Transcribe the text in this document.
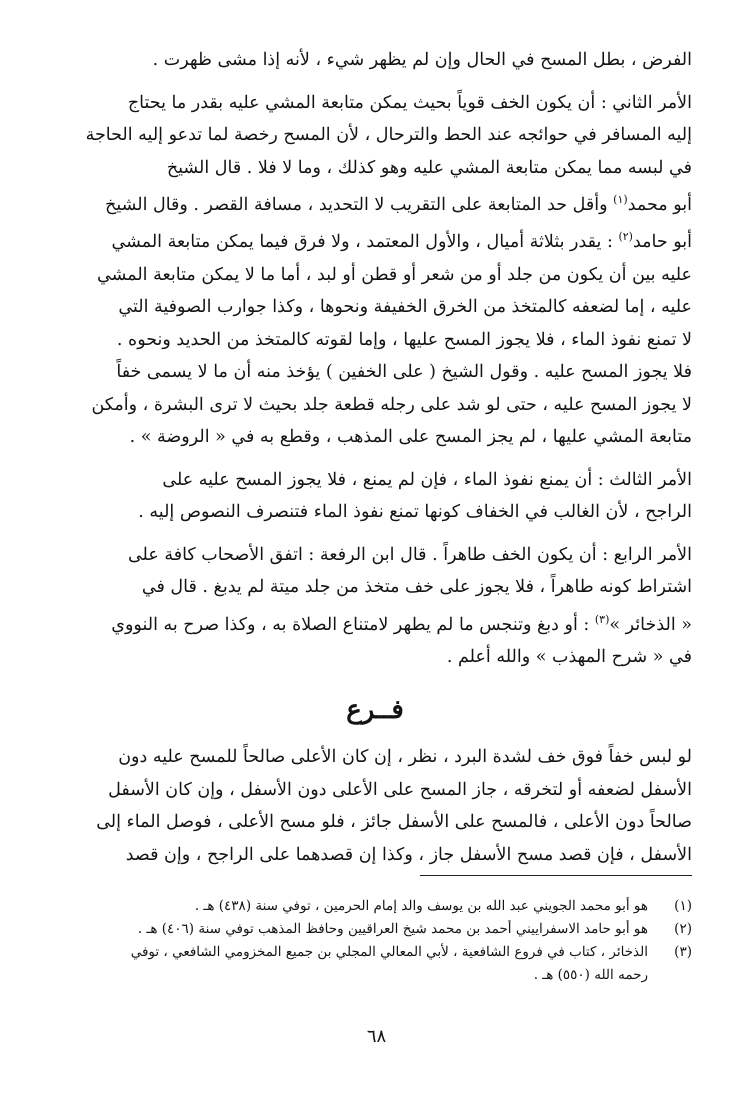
الفرض ، بطل المسح في الحال وإن لم يظهر شيء ، لأنه إذا مشى ظهرت .

الأمر الثاني : أن يكون الخف قوياً بحيث يمكن متابعة المشي عليه بقدر ما يحتاج
إليه المسافر في حوائجه عند الحط والترحال ، لأن المسح رخصة لما تدعو إليه الحاجة
في لبسه مما يمكن متابعة المشي عليه وهو كذلك ، وما لا فلا . قال الشيخ
أبو محمد$^{(١)}$ وأقل حد المتابعة على التقريب لا التحديد ، مسافة القصر . وقال الشيخ
أبو حامد$^{(٢)}$ : يقدر بثلاثة أميال ، والأول المعتمد ، ولا فرق فيما يمكن متابعة المشي
عليه بين أن يكون من جلد أو من شعر أو قطن أو لبد ، أما ما لا يمكن متابعة المشي
عليه ، إما لضعفه كالمتخذ من الخرق الخفيفة ونحوها ، وكذا جوارب الصوفية التي
لا تمنع نفوذ الماء ، فلا يجوز المسح عليها ، وإما لقوته كالمتخذ من الحديد ونحوه .
فلا يجوز المسح عليه . وقول الشيخ ( على الخفين ) يؤخذ منه أن ما لا يسمى خفاً
لا يجوز المسح عليه ، حتى لو شد على رجله قطعة جلد بحيث لا ترى البشرة ، وأمكن
متابعة المشي عليها ، لم يجز المسح على المذهب ، وقطع به في « الروضة » .

الأمر الثالث : أن يمنع نفوذ الماء ، فإن لم يمنع ، فلا يجوز المسح عليه على
الراجح ، لأن الغالب في الخفاف كونها تمنع نفوذ الماء فتنصرف النصوص إليه .

الأمر الرابع : أن يكون الخف طاهراً . قال ابن الرفعة : اتفق الأصحاب كافة على
اشتراط كونه طاهراً ، فلا يجوز على خف متخذ من جلد ميتة لم يدبغ . قال في
« الذخائر »$^{(٣)}$ : أو دبغ وتنجس ما لم يطهر لامتناع الصلاة به ، وكذا صرح به النووي
في « شرح المهذب » والله أعلم .

فــرع

لو لبس خفاً فوق خف لشدة البرد ، نظر ، إن كان الأعلى صالحاً للمسح عليه دون
الأسفل لضعفه أو لتخرقه ، جاز المسح على الأعلى دون الأسفل ، وإن كان الأسفل
صالحاً دون الأعلى ، فالمسح على الأسفل جائز ، فلو مسح الأعلى ، فوصل الماء إلى
الأسفل ، فإن قصد مسح الأسفل جاز ، وكذا إن قصدهما على الراجح ، وإن قصد

(١)
هو أبو محمد الجويني عبد الله بن يوسف والد إمام الحرمين ، توفي سنة (٤٣٨) هـ .
(٢)
هو أبو حامد الاسفراييني أحمد بن محمد شيخ العراقيين وحافظ المذهب توفي سنة (٤٠٦) هـ .
(٣)
الذخائر ، كتاب في فروع الشافعية ، لأبي المعالي المجلي بن جميع المخزومي الشافعي ، توفي
رحمه الله (٥٥٠) هـ .
٦٨
